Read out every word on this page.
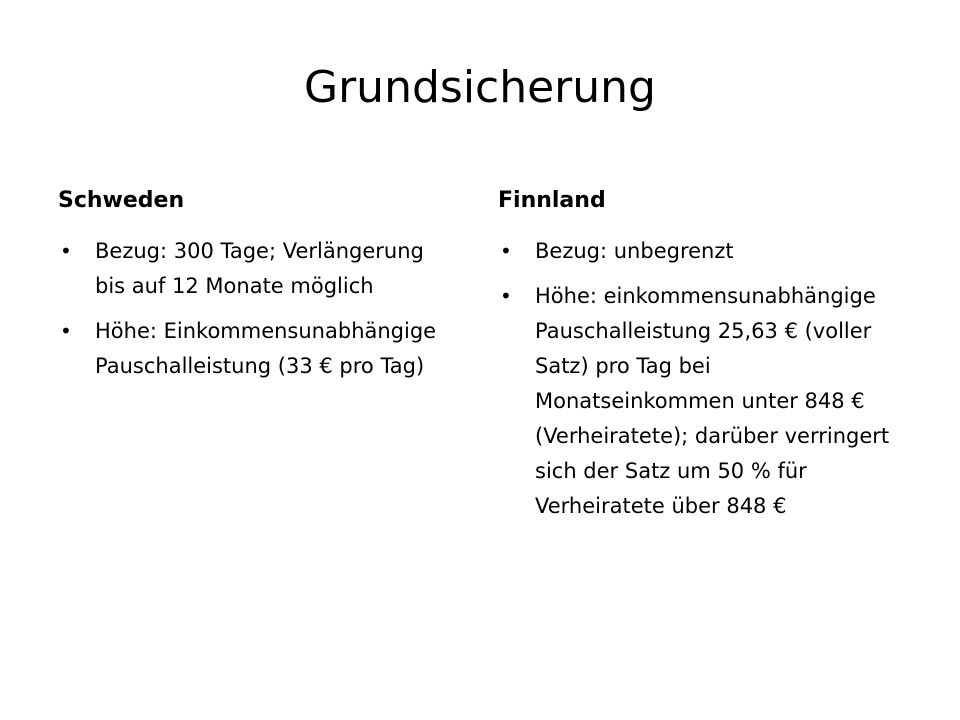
Grundsicherung
Schweden
• Bezug: 300 Tage; Verlängerung bis auf 12 Monate möglich
• Höhe: Einkommensunabhängige Pauschalleistung (33 € pro Tag)
Finnland
• Bezug: unbegrenzt
• Höhe: einkommensunabhängige Pauschalleistung 25,63 € (voller Satz) pro Tag bei Monatseinkommen unter 848 € (Verheiratete); darüber verringert sich der Satz um 50 % für Verheiratete über 848 €
